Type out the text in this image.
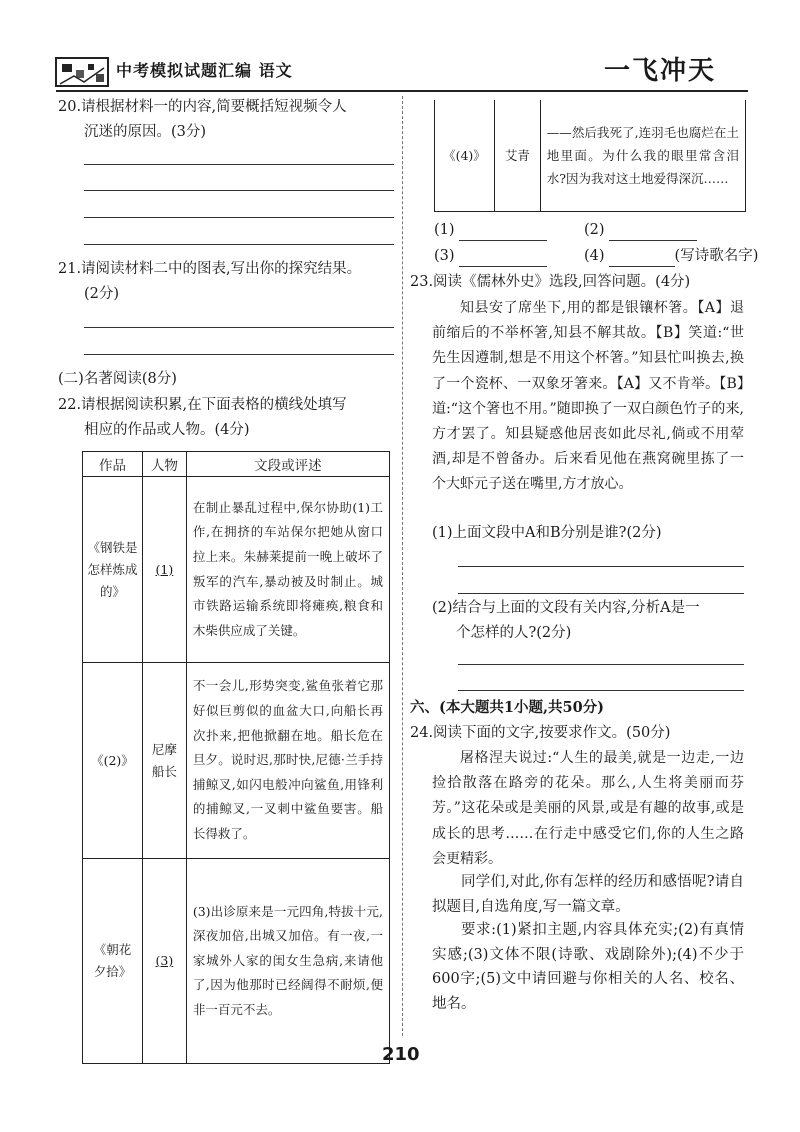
中考模拟试题汇编 语文	一飞冲天
20.请根据材料一的内容,简要概括短视频令人
沉迷的原因。(3分)
21.请阅读材料二中的图表,写出你的探究结果。
(2分)
(二)名著阅读(8分)
22.请根据阅读积累,在下面表格的横线处填写
相应的作品或人物。(4分)
作品	人物	文段或评述
《钢铁是怎样炼成的》	(1)	在制止暴乱过程中,保尔协助(1)工作,在拥挤的车站保尔把她从窗口拉上来。朱赫莱提前一晚上破坏了叛军的汽车,暴动被及时制止。城市铁路运输系统即将瘫痪,粮食和木柴供应成了关键。
《(2)》	尼摩船长	不一会儿,形势突变,鲨鱼张着它那好似巨剪似的血盆大口,向船长再次扑来,把他掀翻在地。船长危在旦夕。说时迟,那时快,尼德·兰手持捕鲸叉,如闪电般冲向鲨鱼,用锋利的捕鲸叉,一叉刺中鲨鱼要害。船长得救了。
《朝花夕拾》	(3)	(3)出诊原来是一元四角,特拔十元,深夜加倍,出城又加倍。有一夜,一家城外人家的闺女生急病,来请他了,因为他那时已经阔得不耐烦,便非一百元不去。
《(4)》	艾青	——然后我死了,连羽毛也腐烂在土地里面。为什么我的眼里常含泪水?因为我对这土地爱得深沉……
(1)	(2)
(3)	(4)	(写诗歌名字)
23.阅读《儒林外史》选段,回答问题。(4分)
知县安了席坐下,用的都是银镶杯箸。【A】退前缩后的不举杯箸,知县不解其故。【B】笑道:“世先生因遵制,想是不用这个杯箸。”知县忙叫换去,换了一个瓷杯、一双象牙箸来。【A】又不肯举。【B】道:“这个箸也不用。”随即换了一双白颜色竹子的来,方才罢了。知县疑惑他居丧如此尽礼,倘或不用荤酒,却是不曾备办。后来看见他在燕窝碗里拣了一个大虾元子送在嘴里,方才放心。
(1)上面文段中A和B分别是谁?(2分)
(2)结合与上面的文段有关内容,分析A是一
个怎样的人?(2分)
六、(本大题共1小题,共50分)
24.阅读下面的文字,按要求作文。(50分)
屠格涅夫说过:“人生的最美,就是一边走,一边捡拾散落在路旁的花朵。那么,人生将美丽而芬芳。”这花朵或是美丽的风景,或是有趣的故事,或是成长的思考……在行走中感受它们,你的人生之路会更精彩。
同学们,对此,你有怎样的经历和感悟呢?请自拟题目,自选角度,写一篇文章。
要求:(1)紧扣主题,内容具体充实;(2)有真情实感;(3)文体不限(诗歌、戏剧除外);(4)不少于600字;(5)文中请回避与你相关的人名、校名、地名。
210
